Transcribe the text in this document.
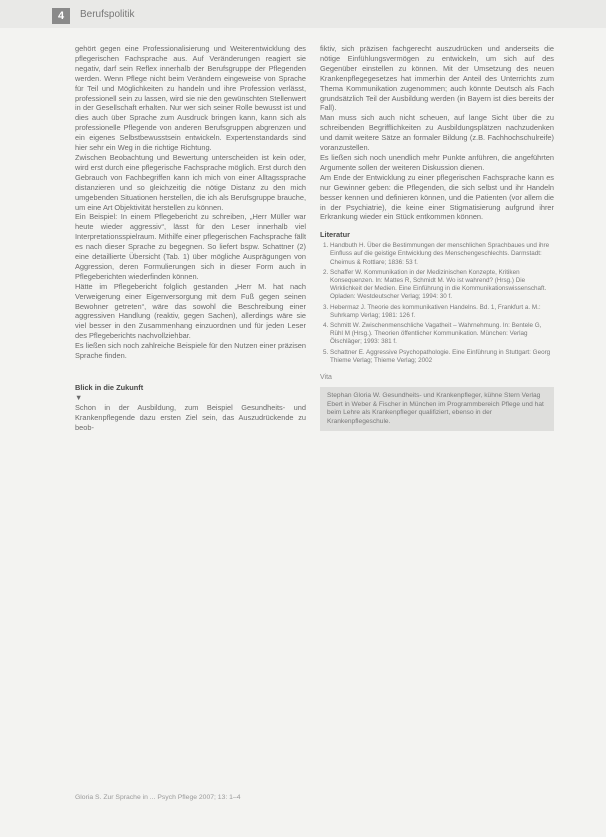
4	Berufspolitik

gehört gegen eine Professionalisierung und Weiterentwicklung des pflegerischen Fachsprache aus. Auf Veränderungen reagiert sie negativ, darf sein Reflex innerhalb der Berufsgruppe der Pflegenden werden. Wenn Pflege nicht beim Verändern eingeweise von Sprache für Teil und Möglichkeiten zu handeln und ihre Profession verlässt, professionell sein zu lassen, wird sie nie den gewünschten Stellenwert in der Gesellschaft erhalten. Nur wer sich seiner Rolle bewusst ist und dies auch über Sprache zum Ausdruck bringen kann, kann sich als professionelle Pflegende von anderen Berufsgruppen abgrenzen und ein eigenes Selbstbewusstsein entwickeln. Expertenstandards sind hier sehr ein Weg in die richtige Richtung.

Zwischen Beobachtung und Bewertung unterscheiden ist kein oder, wird erst durch eine pflegerische Fachsprache möglich. Erst durch den Gebrauch von Fachbegriffen kann ich mich von einer Alltagssprache distanzieren und so gleichzeitig die nötige Distanz zu den mich umgebenden Situationen herstellen, die ich als Berufsgruppe brauche, um eine Art Objektivität herstellen zu können.

Ein Beispiel: In einem Pflegebericht zu schreiben, „Herr Müller war heute wieder aggressiv“, lässt für den Leser innerhalb viel Interpretationsspielraum. Mithilfe einer pflegerischen Fachsprache fällt es nach dieser Sprache zu begegnen. So liefert bspw. Schattner (2) eine detaillierte Übersicht (Tab. 1) über mögliche Ausprägungen von Aggression, deren Formulierungen sich in dieser Form auch in Pflegeberichten wiederfinden können.

Hätte im Pflegebericht folglich gestanden „Herr M. hat nach Verweigerung einer Eigenversorgung mit dem Fuß gegen seinen Bewohner getreten“, wäre das sowohl die Beschreibung einer aggressiven Handlung (reaktiv, gegen Sachen), allerdings wäre sie viel besser in den Zusammenhang einzuordnen und für jeden Leser des Pflegeberichts nachvollziehbar.

Es ließen sich noch zahlreiche Beispiele für den Nutzen einer präzisen Sprache finden.

Blick in die Zukunft

▼

Schon in der Ausbildung, zum Beispiel Gesundheits- und Krankenpflegende dazu ersten Ziel sein, das Auszudrückende zu beob-

fiktiv, sich präzisen fachgerecht auszudrücken und anderseits die nötige Einfühlungsvermögen zu entwickeln, um sich auf des Gegenüber einstellen zu können. Mit der Umsetzung des neuen Krankenpflegegesetzes hat immerhin der Anteil des Unterrichts zum Thema Kommunikation zugenommen; auch könnte Deutsch als Fach grundsätzlich Teil der Ausbildung werden (in Bayern ist dies bereits der Fall).

Man muss sich auch nicht scheuen, auf lange Sicht über die zu schreibenden Begrifflichkeiten zu Ausbildungsplätzen nachzudenken und damit weitere Sätze an formaler Bildung (z.B. Fachhochschulreife) voranzustellen.

Es ließen sich noch unendlich mehr Punkte anführen, die angeführten Argumente sollen der weiteren Diskussion dienen.

Am Ende der Entwicklung zu einer pflegerischen Fachsprache kann es nur Gewinner geben: die Pflegenden, die sich selbst und ihr Handeln besser kennen und definieren können, und die Patienten (vor allem die in der Psychiatrie), die keine einer Stigmatisierung aufgrund ihrer Erkrankung wieder ein Stück entkommen können.

Literatur

1. Handbuth H. Über die Bestimmungen der menschlichen Sprachbaues und ihre Einfluss auf die geistige Entwicklung des Menschengeschlechts. Darmstadt: Cheimus & Rottlare; 1836: 53 f.
2. Schaffer W. Kommunikation in der Medizinischen Konzepte, Kritiken Konsequenzen. In: Mattes R, Schmidt M. Wo ist wahrend? (Hrsg.) Die Wirklichkeit der Medien. Eine Einführung in die Kommunikationswissenschaft. Opladen: Westdeutscher Verlag; 1994: 30 f.
3. Hebermaz J. Theorie des kommunikativen Handelns. Bd. 1, Frankfurt a. M.: Suhrkamp Verlag; 1981: 126 f.
4. Schmitt W. Zwischenmenschliche Vagatheit – Wahrnehmung. In: Bentele G, Rühl M (Hrsg.). Theorien öffentlicher Kommunikation. München: Verlag Ölschläger; 1993: 381 f.
5. Schattner E. Aggressive Psychopathologie. Eine Einführung in Stuttgart: Georg Thieme Verlag; Thieme Verlag; 2002
Vita
Stephan Gloria W. Gesundheits- und Krankenpfleger, kühne Stern Verlag Ebert in Weber & Fischer in München im Programmbereich Pflege und hat beim Lehre als Krankenpfleger qualifiziert, ebenso in der Krankenpflegeschule.
Gloria S. Zur Sprache in ... Psych Pflege 2007; 13: 1–4
